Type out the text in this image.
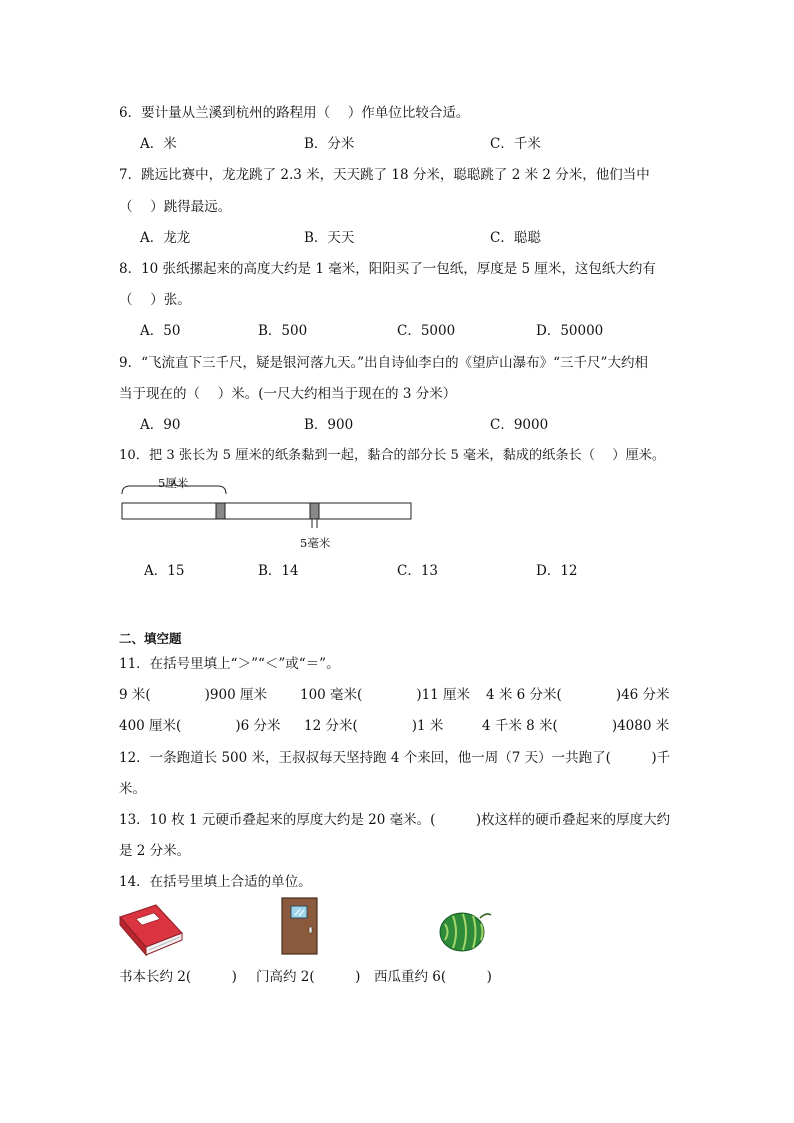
6．要计量从兰溪到杭州的路程用（　 ）作单位比较合适。
A．米	B．分米	C．千米
7．跳远比赛中，龙龙跳了 2.3 米，天天跳了 18 分米，聪聪跳了 2 米 2 分米，他们当中
（　 ）跳得最远。
A．龙龙	B．天天	C．聪聪
8．10 张纸摞起来的高度大约是 1 毫米，阳阳买了一包纸，厚度是 5 厘米，这包纸大约有
（　 ）张。
A．50	B．500	C．5000	D．50000
9．“飞流直下三千尺，疑是银河落九天。”出自诗仙李白的《望庐山瀑布》“三千尺”大约相
当于现在的（　 ）米。(一尺大约相当于现在的 3 分米）
A．90	B．900	C．9000
10．把 3 张长为 5 厘米的纸条黏到一起，黏合的部分长 5 毫米，黏成的纸条长（　 ）厘米。
5厘米
5毫米
A．15	B．14	C．13	D．12
二、填空题
11．在括号里填上“＞”“＜”或“＝”。
9 米(　　　　)900 厘米 100 毫米(　　　　)11 厘米 4 米 6 分米(　　　　)46 分米
400 厘米(　　　　)6 分米 12 分米(　　　　)1 米	4 千米 8 米(　　　　)4080 米
12．一条跑道长 500 米，王叔叔每天坚持跑 4 个来回，他一周（7 天）一共跑了(　　　)千
米。
13．10 枚 1 元硬币叠起来的厚度大约是 20 毫米。(　　　)枚这样的硬币叠起来的厚度大约
是 2 分米。
14．在括号里填上合适的单位。
书本长约 2(　　　) 门高约 2(　　　) 西瓜重约 6(　　　)
